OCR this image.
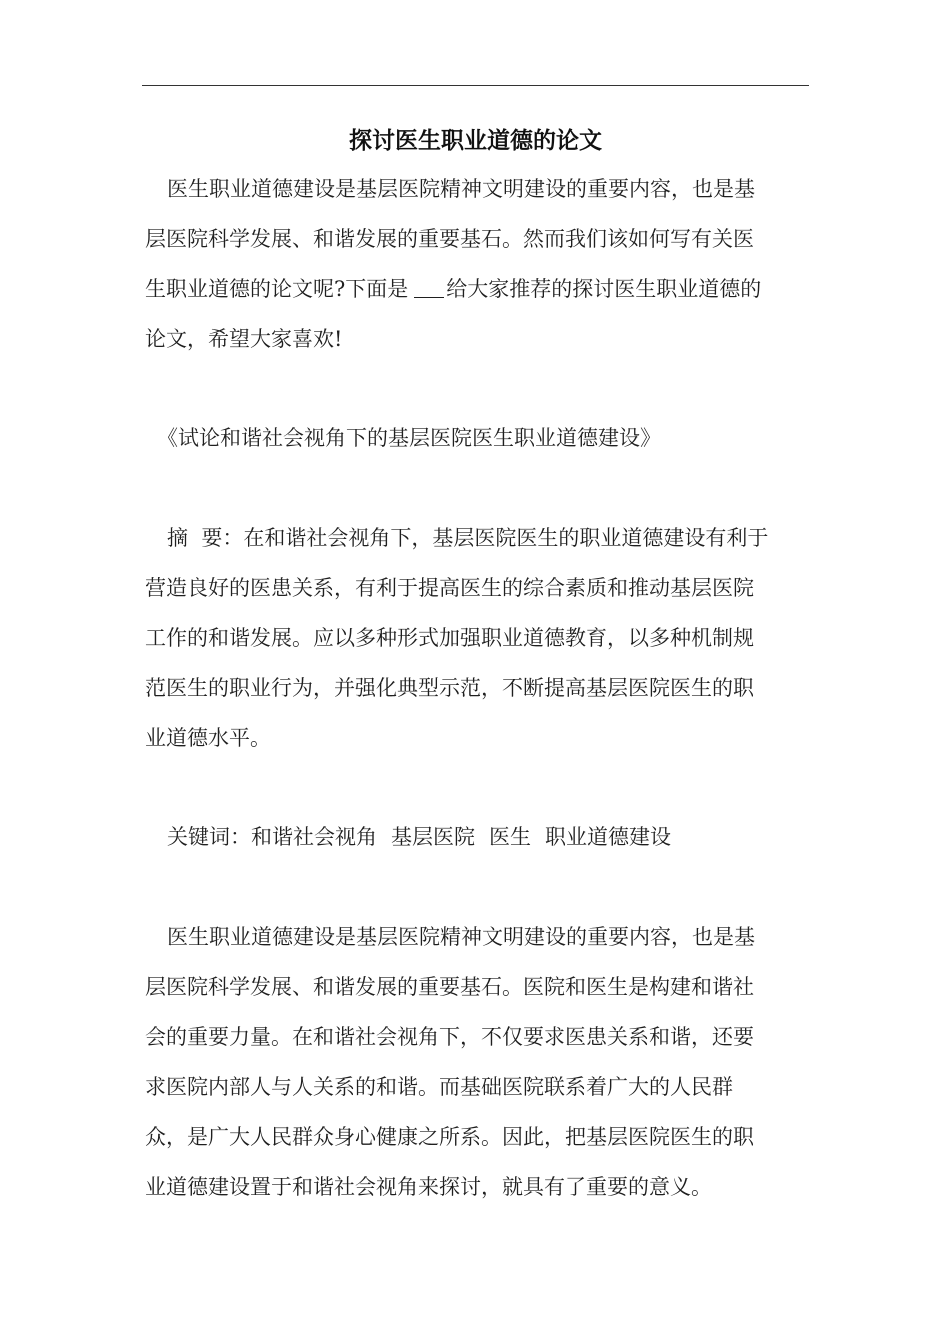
探讨医生职业道德的论文
医生职业道德建设是基层医院精神文明建设的重要内容，也是基
层医院科学发展、和谐发展的重要基石。然而我们该如何写有关医
生职业道德的论文呢?下面是 给大家推荐的探讨医生职业道德的
论文，希望大家喜欢!
《试论和谐社会视角下的基层医院医生职业道德建设》
摘  要：在和谐社会视角下，基层医院医生的职业道德建设有利于
营造良好的医患关系，有利于提高医生的综合素质和推动基层医院
工作的和谐发展。应以多种形式加强职业道德教育，以多种机制规
范医生的职业行为，并强化典型示范，不断提高基层医院医生的职
业道德水平。
关键词：和谐社会视角 基层医院 医生 职业道德建设
医生职业道德建设是基层医院精神文明建设的重要内容，也是基
层医院科学发展、和谐发展的重要基石。医院和医生是构建和谐社
会的重要力量。在和谐社会视角下，不仅要求医患关系和谐，还要
求医院内部人与人关系的和谐。而基础医院联系着广大的人民群
众，是广大人民群众身心健康之所系。因此，把基层医院医生的职
业道德建设置于和谐社会视角来探讨，就具有了重要的意义。
